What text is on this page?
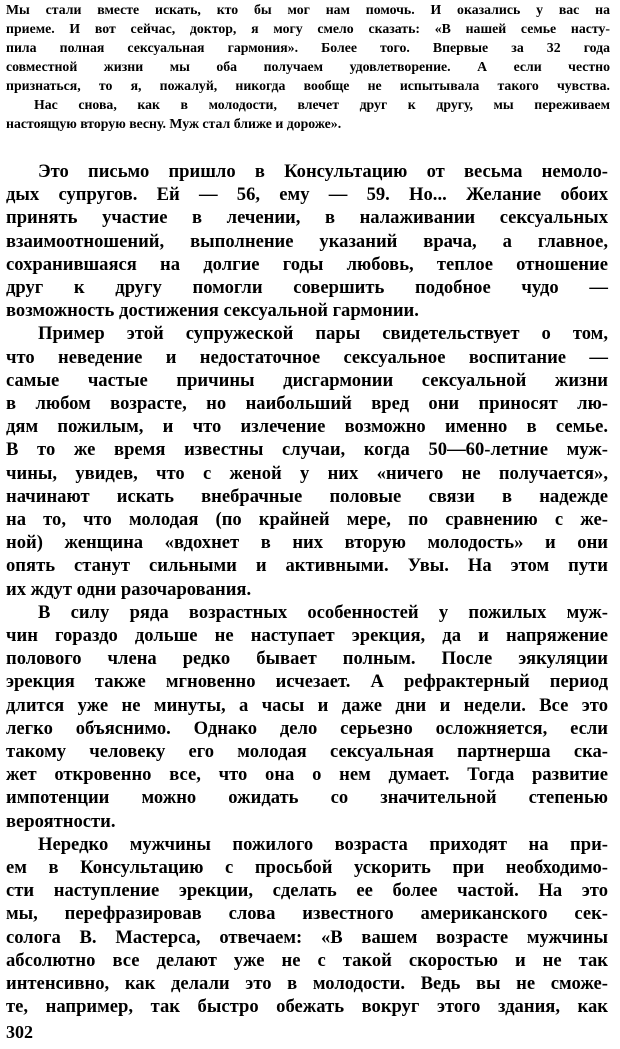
Мы стали вместе искать, кто бы мог нам помочь. И оказались у вас на
приеме. И вот сейчас, доктор, я могу смело сказать: «В нашей семье насту-
пила полная сексуальная гармония». Более того. Впервые за 32 года
совместной жизни мы оба получаем удовлетворение. А если честно
признаться, то я, пожалуй, никогда вообще не испытывала такого чувства.
Нас снова, как в молодости, влечет друг к другу, мы переживаем
настоящую вторую весну. Муж стал ближе и дороже».
Это письмо пришло в Консультацию от весьма немоло-
дых супругов. Ей — 56, ему — 59. Но... Желание обоих
принять участие в лечении, в налаживании сексуальных
взаимоотношений, выполнение указаний врача, а главное,
сохранившаяся на долгие годы любовь, теплое отношение
друг к другу помогли совершить подобное чудо —
возможность достижения сексуальной гармонии.
Пример этой супружеской пары свидетельствует о том,
что неведение и недостаточное сексуальное воспитание —
самые частые причины дисгармонии сексуальной жизни
в любом возрасте, но наибольший вред они приносят лю-
дям пожилым, и что излечение возможно именно в семье.
В то же время известны случаи, когда 50—60-летние муж-
чины, увидев, что с женой у них «ничего не получается»,
начинают искать внебрачные половые связи в надежде
на то, что молодая (по крайней мере, по сравнению с же-
ной) женщина «вдохнет в них вторую молодость» и они
опять станут сильными и активными. Увы. На этом пути
их ждут одни разочарования.
В силу ряда возрастных особенностей у пожилых муж-
чин гораздо дольше не наступает эрекция, да и напряжение
полового члена редко бывает полным. После эякуляции
эрекция также мгновенно исчезает. А рефрактерный период
длится уже не минуты, а часы и даже дни и недели. Все это
легко объяснимо. Однако дело серьезно осложняется, если
такому человеку его молодая сексуальная партнерша ска-
жет откровенно все, что она о нем думает. Тогда развитие
импотенции можно ожидать со значительной степенью
вероятности.
Нередко мужчины пожилого возраста приходят на при-
ем в Консультацию с просьбой ускорить при необходимо-
сти наступление эрекции, сделать ее более частой. На это
мы, перефразировав слова известного американского сек-
солога В. Мастерса, отвечаем: «В вашем возрасте мужчины
абсолютно все делают уже не с такой скоростью и не так
интенсивно, как делали это в молодости. Ведь вы не сможе-
те, например, так быстро обежать вокруг этого здания, как
302
